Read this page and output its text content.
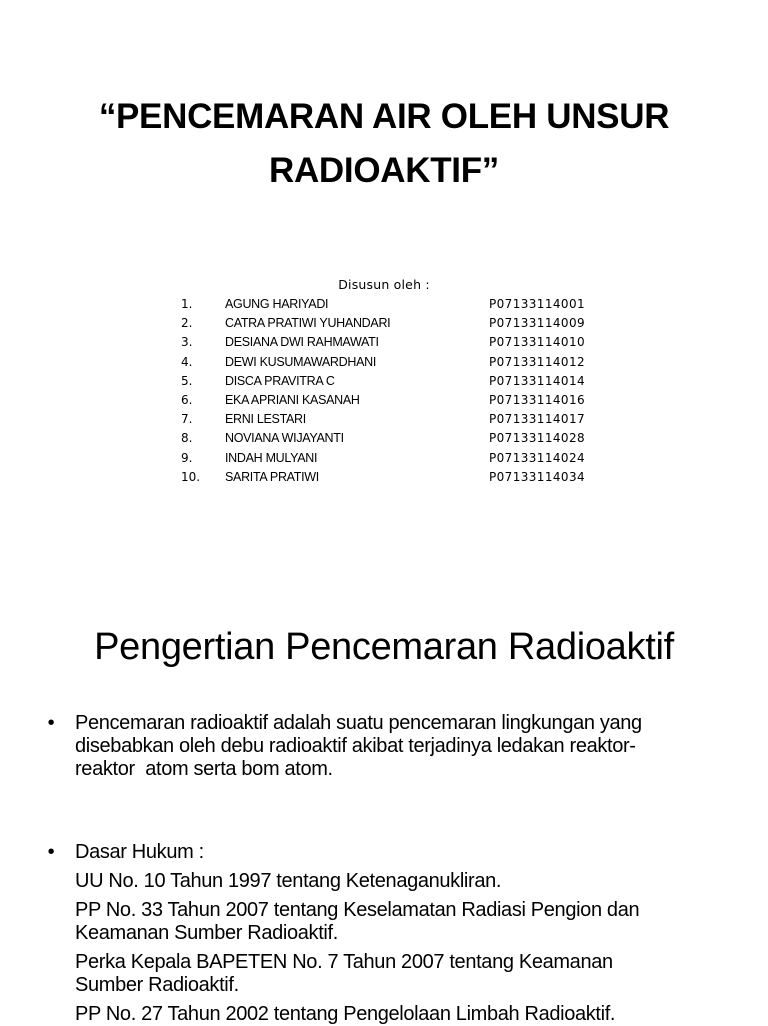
“PENCEMARAN AIR OLEH UNSUR
RADIOAKTIF”
Disusun oleh :
1.	AGUNG HARIYADI	P07133114001
2.	CATRA PRATIWI YUHANDARI	P07133114009
3.	DESIANA DWI RAHMAWATI	P07133114010
4.	DEWI KUSUMAWARDHANI	P07133114012
5.	DISCA PRAVITRA C	P07133114014
6.	EKA APRIANI KASANAH	P07133114016
7.	ERNI LESTARI	P07133114017
8.	NOVIANA WIJAYANTI	P07133114028
9.	INDAH MULYANI	P07133114024
10. SARITA PRATIWI	P07133114034
Pengertian Pencemaran Radioaktif
• Pencemaran radioaktif adalah suatu pencemaran lingkungan yang
disebabkan oleh debu radioaktif akibat terjadinya ledakan reaktor-
reaktor  atom serta bom atom.
• Dasar Hukum :
UU No. 10 Tahun 1997 tentang Ketenaganukliran.
PP No. 33 Tahun 2007 tentang Keselamatan Radiasi Pengion dan
Keamanan Sumber Radioaktif.
Perka Kepala BAPETEN No. 7 Tahun 2007 tentang Keamanan
Sumber Radioaktif.
PP No. 27 Tahun 2002 tentang Pengelolaan Limbah Radioaktif.
